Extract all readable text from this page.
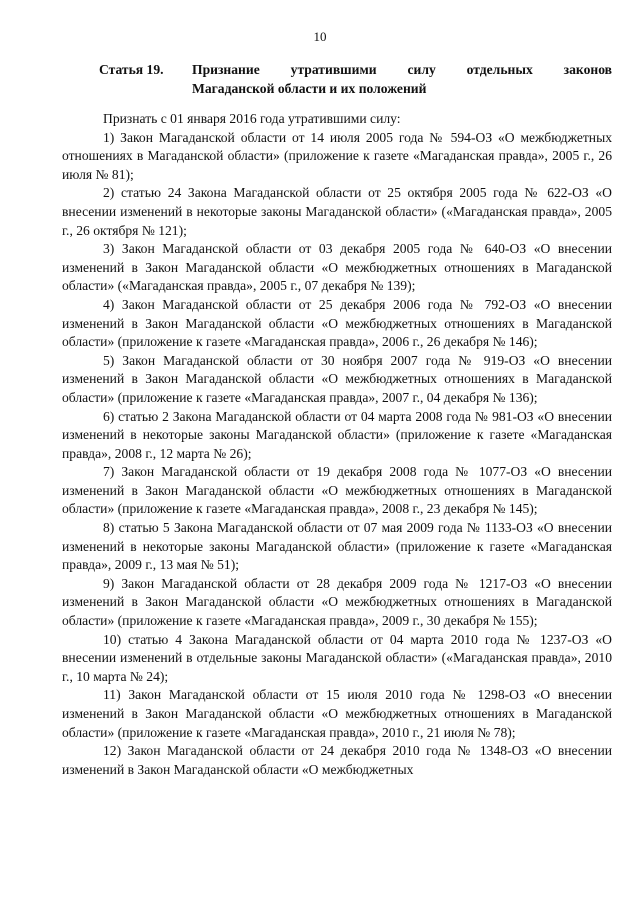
10
Статья 19.	Признание утратившими силу отдельных законов
Магаданской области и их положений

Признать с 01 января 2016 года утратившими силу:

1) Закон Магаданской области от 14 июля 2005 года № 594-ОЗ «О межбюджетных отношениях в Магаданской области» (приложение к газете «Магаданская правда», 2005 г., 26 июля № 81);

2) статью 24 Закона Магаданской области от 25 октября 2005 года № 622-ОЗ «О внесении изменений в некоторые законы Магаданской области» («Магаданская правда», 2005 г., 26 октября № 121);

3) Закон Магаданской области от 03 декабря 2005 года № 640-ОЗ «О внесении изменений в Закон Магаданской области «О межбюджетных отношениях в Магаданской области» («Магаданская правда», 2005 г., 07 декабря № 139);

4) Закон Магаданской области от 25 декабря 2006 года № 792-ОЗ «О внесении изменений в Закон Магаданской области «О межбюджетных отношениях в Магаданской области» (приложение к газете «Магаданская правда», 2006 г., 26 декабря № 146);

5) Закон Магаданской области от 30 ноября 2007 года № 919-ОЗ «О внесении изменений в Закон Магаданской области «О межбюджетных отношениях в Магаданской области» (приложение к газете «Магаданская правда», 2007 г., 04 декабря № 136);

6) статью 2 Закона Магаданской области от 04 марта 2008 года № 981-ОЗ «О внесении изменений в некоторые законы Магаданской области» (приложение к газете «Магаданская правда», 2008 г., 12 марта № 26);

7) Закон Магаданской области от 19 декабря 2008 года № 1077-ОЗ «О внесении изменений в Закон Магаданской области «О межбюджетных отношениях в Магаданской области» (приложение к газете «Магаданская правда», 2008 г., 23 декабря № 145);

8) статью 5 Закона Магаданской области от 07 мая 2009 года № 1133-ОЗ «О внесении изменений в некоторые законы Магаданской области» (приложение к газете «Магаданская правда», 2009 г., 13 мая № 51);

9) Закон Магаданской области от 28 декабря 2009 года № 1217-ОЗ «О внесении изменений в Закон Магаданской области «О межбюджетных отношениях в Магаданской области» (приложение к газете «Магаданская правда», 2009 г., 30 декабря № 155);

10) статью 4 Закона Магаданской области от 04 марта 2010 года № 1237-ОЗ «О внесении изменений в отдельные законы Магаданской области» («Магаданская правда», 2010 г., 10 марта № 24);

11) Закон Магаданской области от 15 июля 2010 года № 1298-ОЗ «О внесении изменений в Закон Магаданской области «О межбюджетных отношениях в Магаданской области» (приложение к газете «Магаданская правда», 2010 г., 21 июля № 78);

12) Закон Магаданской области от 24 декабря 2010 года № 1348-ОЗ «О внесении изменений в Закон Магаданской области «О межбюджетных
